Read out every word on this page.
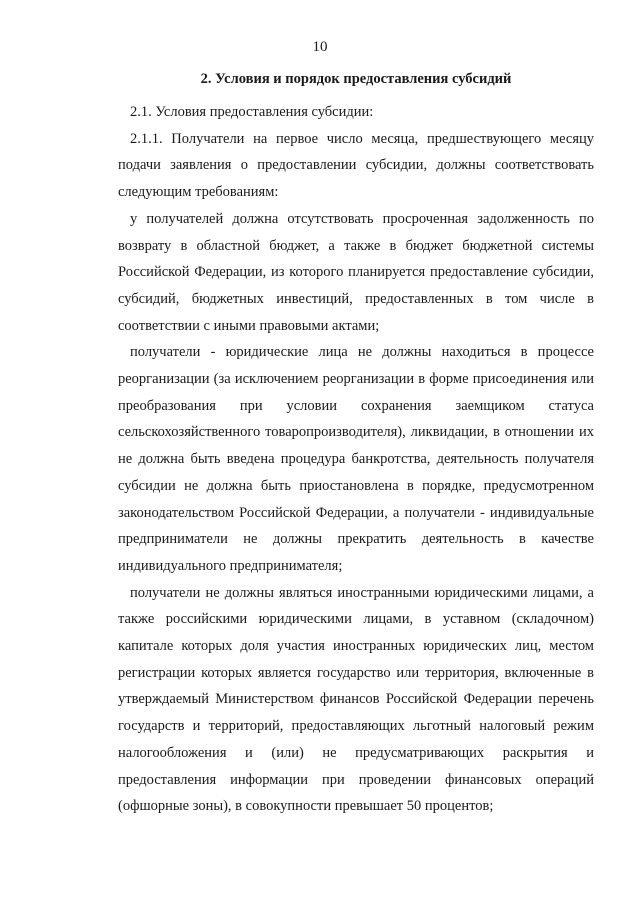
10
2. Условия и порядок предоставления субсидий

2.1. Условия предоставления субсидии:

2.1.1. Получатели на первое число месяца, предшествующего месяцу подачи заявления о предоставлении субсидии, должны соответствовать следующим требованиям:

у получателей должна отсутствовать просроченная задолженность по возврату в областной бюджет, а также в бюджет бюджетной системы Российской Федерации, из которого планируется предоставление субсидии, субсидий, бюджетных инвестиций, предоставленных в том числе в соответствии с иными правовыми актами;

получатели - юридические лица не должны находиться в процессе реорганизации (за исключением реорганизации в форме присоединения или преобразования при условии сохранения заемщиком статуса сельскохозяйственного товаропроизводителя), ликвидации, в отношении их не должна быть введена процедура банкротства, деятельность получателя субсидии не должна быть приостановлена в порядке, предусмотренном законодательством Российской Федерации, а получатели - индивидуальные предприниматели не должны прекратить деятельность в качестве индивидуального предпринимателя;

получатели не должны являться иностранными юридическими лицами, а также российскими юридическими лицами, в уставном (складочном) капитале которых доля участия иностранных юридических лиц, местом регистрации которых является государство или территория, включенные в утверждаемый Министерством финансов Российской Федерации перечень государств и территорий, предоставляющих льготный налоговый режим налогообложения и (или) не предусматривающих раскрытия и предоставления информации при проведении финансовых операций (офшорные зоны), в совокупности превышает 50 процентов;
